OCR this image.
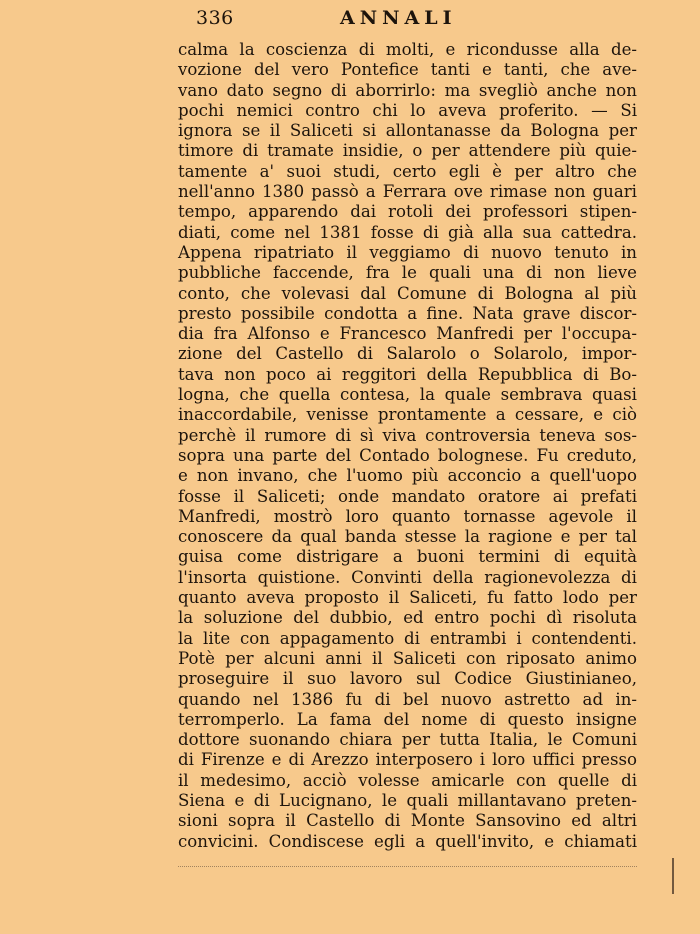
336	ANNALI
calma la coscienza di molti, e ricondusse alla de-
vozione del vero Pontefice tanti e tanti, che ave-
vano dato segno di aborrirlo: ma svegliò anche non
pochi nemici contro chi lo aveva proferito. — Si
ignora se il Saliceti si allontanasse da Bologna per
timore di tramate insidie, o per attendere più quie-
tamente a' suoi studi, certo egli è per altro che
nell'anno 1380 passò a Ferrara ove rimase non guari
tempo, apparendo dai rotoli dei professori stipen-
diati, come nel 1381 fosse di già alla sua cattedra.
Appena ripatriato il veggiamo di nuovo tenuto in
pubbliche faccende, fra le quali una di non lieve
conto, che volevasi dal Comune di Bologna al più
presto possibile condotta a fine. Nata grave discor-
dia fra Alfonso e Francesco Manfredi per l'occupa-
zione del Castello di Salarolo o Solarolo, impor-
tava non poco ai reggitori della Repubblica di Bo-
logna, che quella contesa, la quale sembrava quasi
inaccordabile, venisse prontamente a cessare, e ciò
perchè il rumore di sì viva controversia teneva sos-
sopra una parte del Contado bolognese. Fu creduto,
e non invano, che l'uomo più acconcio a quell'uopo
fosse il Saliceti; onde mandato oratore ai prefati
Manfredi, mostrò loro quanto tornasse agevole il
conoscere da qual banda stesse la ragione e per tal
guisa come distrigare a buoni termini di equità
l'insorta quistione. Convinti della ragionevolezza di
quanto aveva proposto il Saliceti, fu fatto lodo per
la soluzione del dubbio, ed entro pochi dì risoluta
la lite con appagamento di entrambi i contendenti.
Potè per alcuni anni il Saliceti con riposato animo
proseguire il suo lavoro sul Codice Giustinianeo,
quando nel 1386 fu di bel nuovo astretto ad in-
terromperlo. La fama del nome di questo insigne
dottore suonando chiara per tutta Italia, le Comuni
di Firenze e di Arezzo interposero i loro uffici presso
il medesimo, acciò volesse amicarle con quelle di
Siena e di Lucignano, le quali millantavano preten-
sioni sopra il Castello di Monte Sansovino ed altri
convicini. Condiscese egli a quell'invito, e chiamati
